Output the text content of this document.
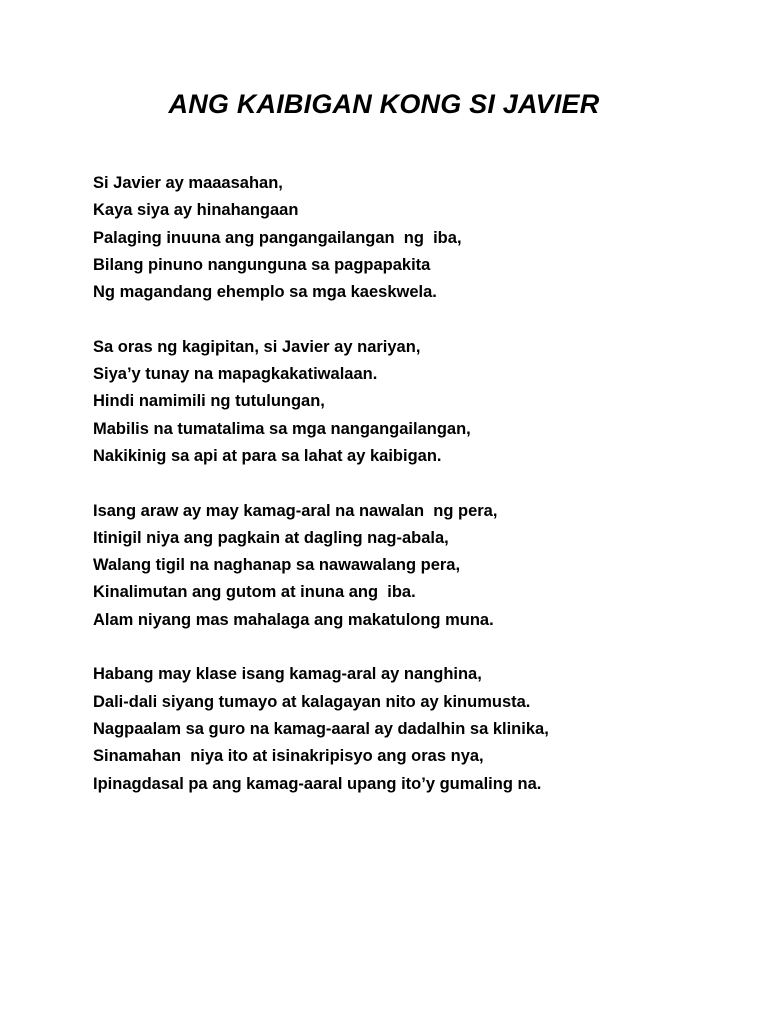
ANG KAIBIGAN KONG SI JAVIER
Si Javier ay maaasahan,
Kaya siya ay hinahangaan
Palaging inuuna ang pangangailangan  ng  iba,
Bilang pinuno nangunguna sa pagpapakita
Ng magandang ehemplo sa mga kaeskwela.
Sa oras ng kagipitan, si Javier ay nariyan,
Siya’y tunay na mapagkakatiwalaan.
Hindi namimili ng tutulungan,
Mabilis na tumatalima sa mga nangangailangan,
Nakikinig sa api at para sa lahat ay kaibigan.
Isang araw ay may kamag-aral na nawalan  ng pera,
Itinigil niya ang pagkain at dagling nag-abala,
Walang tigil na naghanap sa nawawalang pera,
Kinalimutan ang gutom at inuna ang  iba.
Alam niyang mas mahalaga ang makatulong muna.
Habang may klase isang kamag-aral ay nanghina,
Dali-dali siyang tumayo at kalagayan nito ay kinumusta.
Nagpaalam sa guro na kamag-aaral ay dadalhin sa klinika,
Sinamahan  niya ito at isinakripisyo ang oras nya,
Ipinagdasal pa ang kamag-aaral upang ito’y gumaling na.
